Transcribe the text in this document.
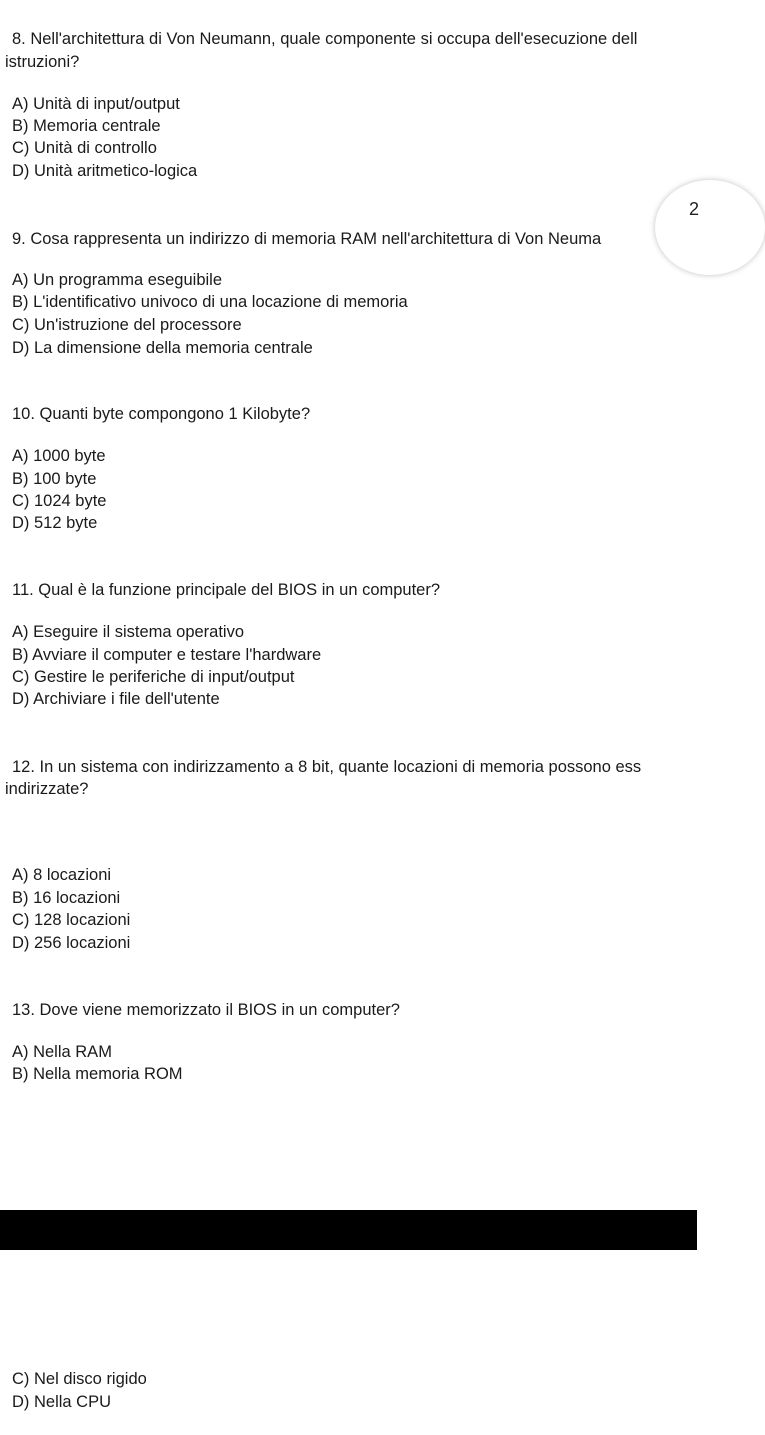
8. Nell'architettura di Von Neumann, quale componente si occupa dell'esecuzione dell

istruzioni?

A) Unità di input/output

B) Memoria centrale

C) Unità di controllo

D) Unità aritmetico-logica

9. Cosa rappresenta un indirizzo di memoria RAM nell'architettura di Von Neuma

A) Un programma eseguibile

B) L'identificativo univoco di una locazione di memoria

C) Un'istruzione del processore

D) La dimensione della memoria centrale

2

10. Quanti byte compongono 1 Kilobyte?

A) 1000 byte

B) 100 byte

C) 1024 byte

D) 512 byte

11. Qual è la funzione principale del BIOS in un computer?

A) Eseguire il sistema operativo

B) Avviare il computer e testare l'hardware

C) Gestire le periferiche di input/output

D) Archiviare i file dell'utente

12. In un sistema con indirizzamento a 8 bit, quante locazioni di memoria possono ess

indirizzate?

A) 8 locazioni

B) 16 locazioni

C) 128 locazioni

D) 256 locazioni

13. Dove viene memorizzato il BIOS in un computer?

A) Nella RAM

B) Nella memoria ROM

C) Nel disco rigido

D) Nella CPU
